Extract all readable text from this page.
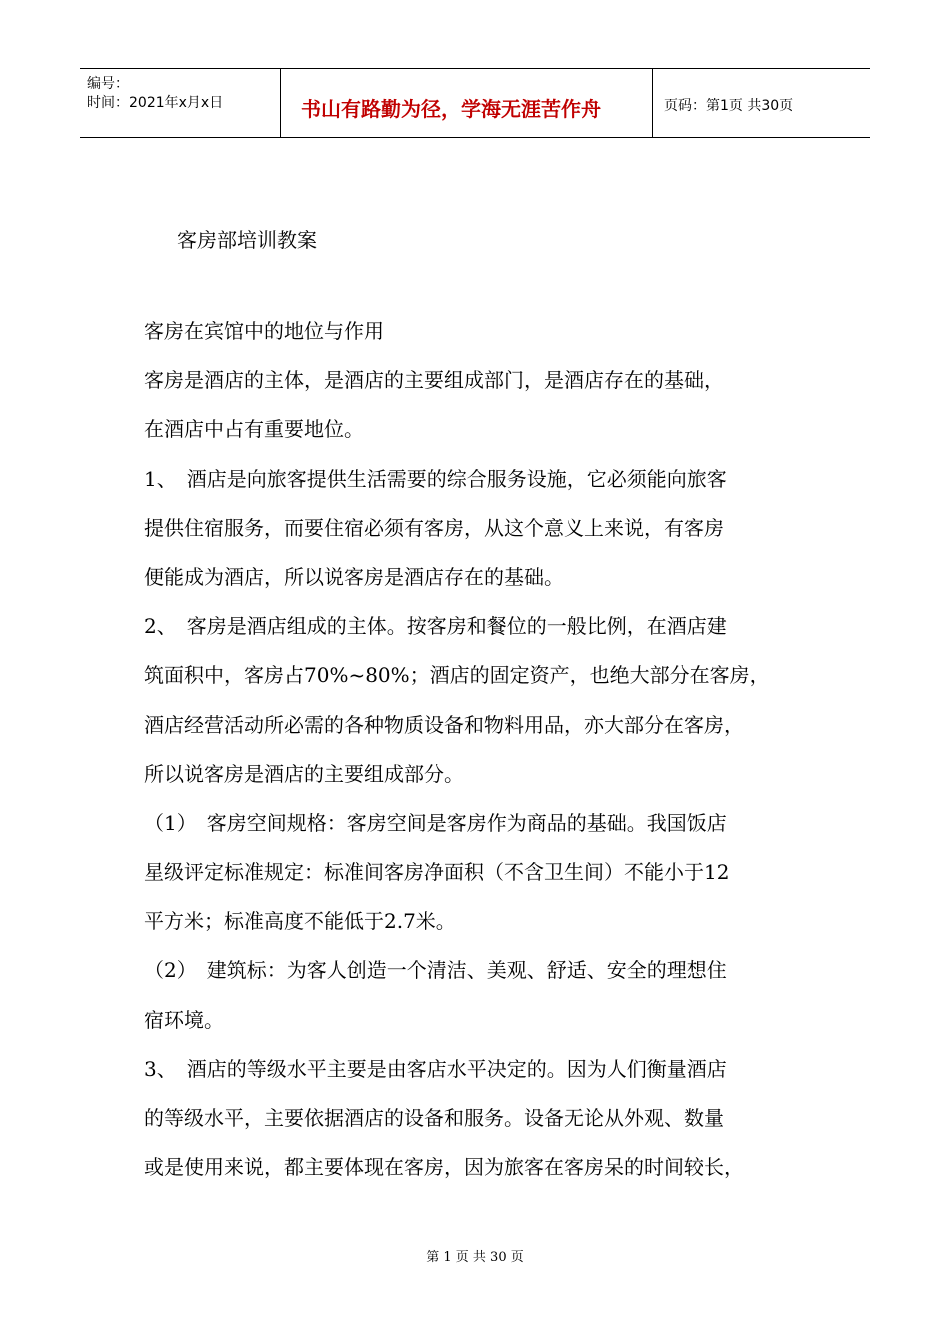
编号：
时间：2021年x月x日	书山有路勤为径，学海无涯苦作舟	页码：第1页 共30页
客房部培训教案
客房在宾馆中的地位与作用
客房是酒店的主体，是酒店的主要组成部门，是酒店存在的基础，
在酒店中占有重要地位。
1、　酒店是向旅客提供生活需要的综合服务设施，它必须能向旅客
提供住宿服务，而要住宿必须有客房，从这个意义上来说，有客房
便能成为酒店，所以说客房是酒店存在的基础。
2、　客房是酒店组成的主体。按客房和餐位的一般比例，在酒店建
筑面积中，客房占70%~80%；酒店的固定资产，也绝大部分在客房，
酒店经营活动所必需的各种物质设备和物料用品，亦大部分在客房，
所以说客房是酒店的主要组成部分。
（1）　客房空间规格：客房空间是客房作为商品的基础。我国饭店
星级评定标准规定：标准间客房净面积（不含卫生间）不能小于12
平方米；标准高度不能低于2.7米。
（2）　建筑标：为客人创造一个清洁、美观、舒适、安全的理想住
宿环境。
3、　酒店的等级水平主要是由客店水平决定的。因为人们衡量酒店
的等级水平，主要依据酒店的设备和服务。设备无论从外观、数量
或是使用来说，都主要体现在客房，因为旅客在客房呆的时间较长，
第 1 页 共 30 页
